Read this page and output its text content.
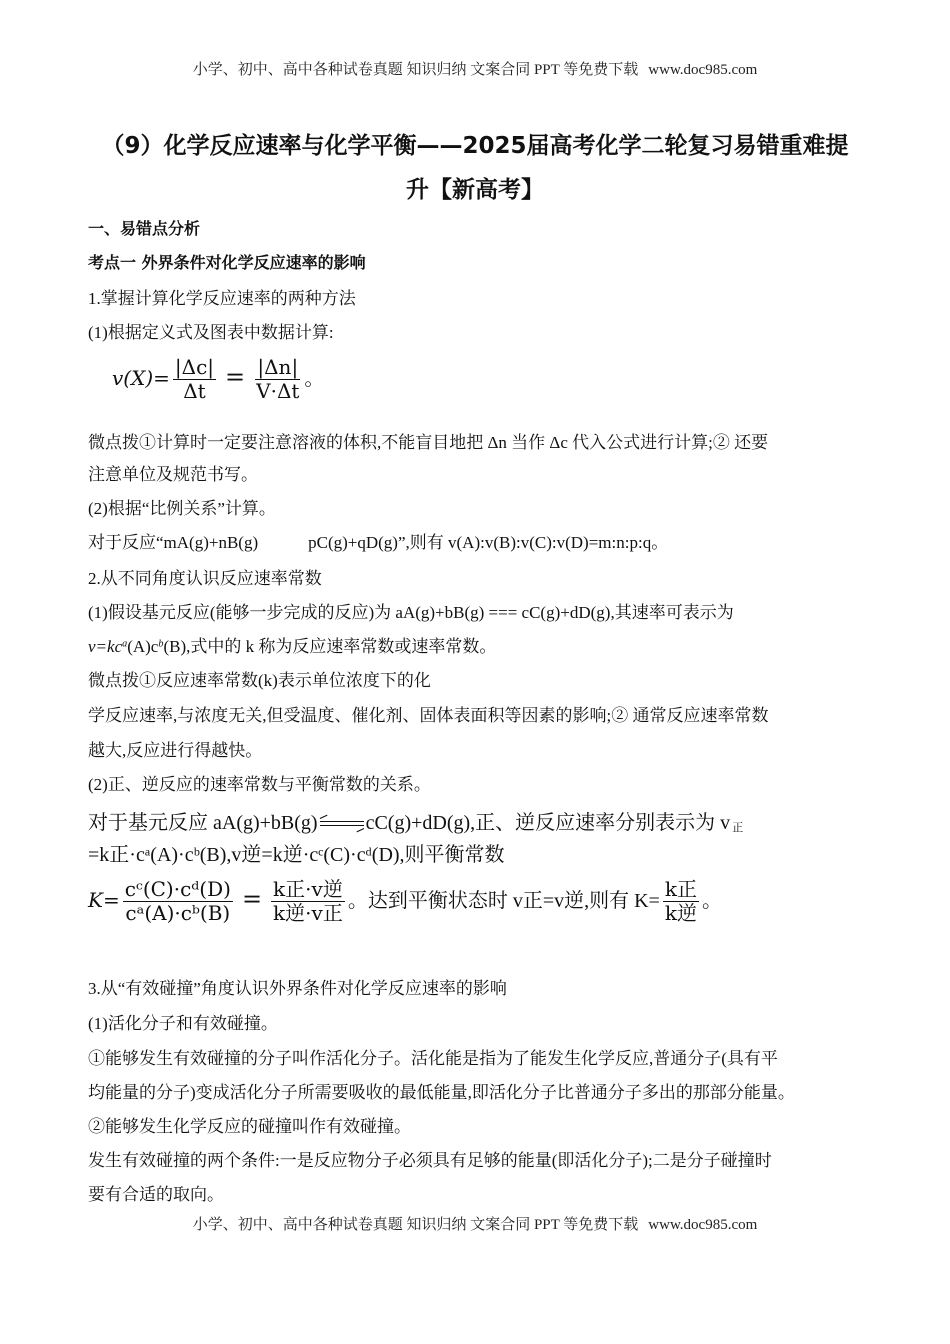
小学、初中、高中各种试卷真题 知识归纳 文案合同 PPT 等免费下载 www.doc985.com
（9）化学反应速率与化学平衡——2025届高考化学二轮复习易错重难提
升【新高考】
一、易错点分析
考点一 外界条件对化学反应速率的影响
1.掌握计算化学反应速率的两种方法
(1)根据定义式及图表中数据计算:
$v(X)= \frac{|\Delta c|}{\Delta t} = \frac{|\Delta n|}{V\cdot\Delta t}$ 。
微点拨①计算时一定要注意溶液的体积,不能盲目地把 Δn 当作 Δc 代入公式进行计算;② 还要
注意单位及规范书写。
(2)根据“比例关系”计算。
对于反应“mA(g)+nB(g)	pC(g)+qD(g)”,则有 v(A):v(B):v(C):v(D)=m:n:p:q。
2.从不同角度认识反应速率常数
(1)假设基元反应(能够一步完成的反应)为 aA(g)+bB(g) === cC(g)+dD(g),其速率可表示为
$v=kc^a(A)c^b(B)$,式中的 k 称为反应速率常数或速率常数。
微点拨①反应速率常数(k)表示单位浓度下的化
学反应速率,与浓度无关,但受温度、催化剂、固体表面积等因素的影响;② 通常反应速率常数
越大,反应进行得越快。
(2)正、逆反应的速率常数与平衡常数的关系。
对于基元反应 aA(g)+bB(g) cC(g)+dD(g),正、逆反应速率分别表示为 v 正
=k正·cᵃ(A)·cᵇ(B),v逆=k逆·cᶜ(C)·cᵈ(D),则平衡常数
$K= \frac{\text{cᶜ(C)·cᵈ(D)}}{\text{cᵃ(A)·cᵇ(B)}} = \frac{\text{k正·v逆}}{\text{k逆·v正}}$ 。达到平衡状态时 v正=v逆,则有 $K= \frac{\text{k正}}{\text{k逆}}$ 。
3.从“有效碰撞”角度认识外界条件对化学反应速率的影响
(1)活化分子和有效碰撞。
①能够发生有效碰撞的分子叫作活化分子。活化能是指为了能发生化学反应,普通分子(具有平
均能量的分子)变成活化分子所需要吸收的最低能量,即活化分子比普通分子多出的那部分能量。
②能够发生化学反应的碰撞叫作有效碰撞。
发生有效碰撞的两个条件:一是反应物分子必须具有足够的能量(即活化分子);二是分子碰撞时
要有合适的取向。
小学、初中、高中各种试卷真题 知识归纳 文案合同 PPT 等免费下载 www.doc985.com
